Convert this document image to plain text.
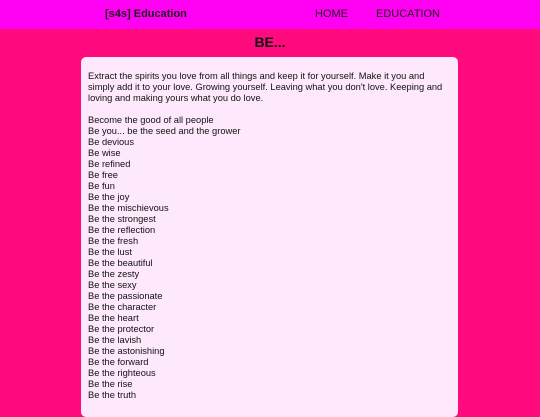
[s4s] Education	HOME	EDUCATION
BE...

Extract the spirits you love from all things and keep it for yourself. Make it you and simply add it to your love. Growing yourself. Leaving what you don't love. Keeping and loving and making yours what you do love.

Become the good of all people
Be you... be the seed and the grower
Be devious
Be wise
Be refined
Be free
Be fun
Be the joy
Be the mischievous
Be the strongest
Be the reflection
Be the fresh
Be the lust
Be the beautiful
Be the zesty
Be the sexy
Be the passionate
Be the character
Be the heart
Be the protector
Be the lavish
Be the astonishing
Be the forward
Be the righteous
Be the rise
Be the truth
